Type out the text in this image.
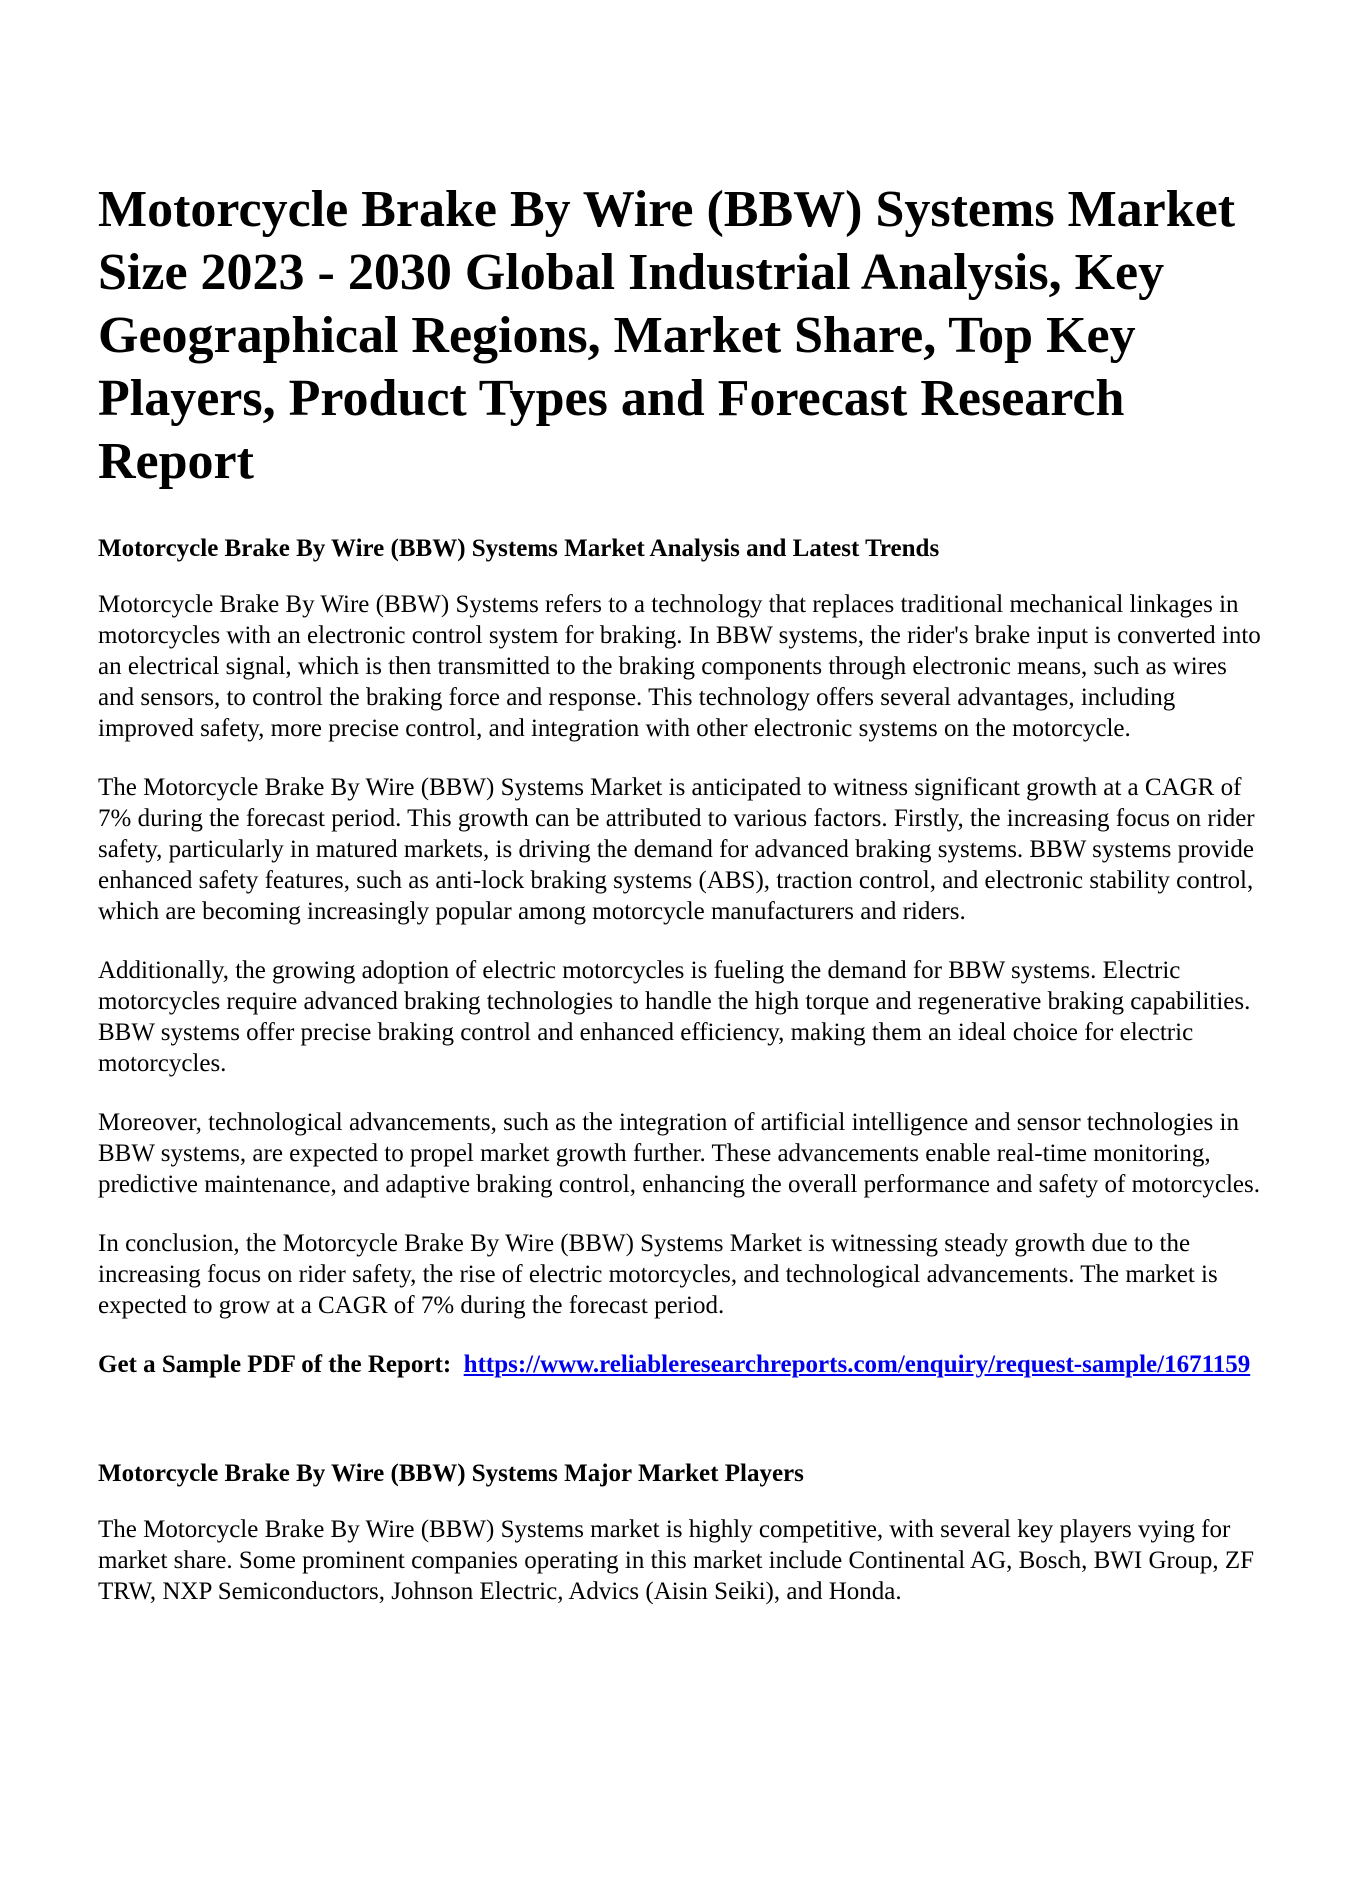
Motorcycle Brake By Wire (BBW) Systems Market Size 2023 - 2030 Global Industrial Analysis, Key Geographical Regions, Market Share, Top Key Players, Product Types and Forecast Research Report
Motorcycle Brake By Wire (BBW) Systems Market Analysis and Latest Trends

Motorcycle Brake By Wire (BBW) Systems refers to a technology that replaces traditional mechanical linkages in motorcycles with an electronic control system for braking. In BBW systems, the rider's brake input is converted into an electrical signal, which is then transmitted to the braking components through electronic means, such as wires and sensors, to control the braking force and response. This technology offers several advantages, including improved safety, more precise control, and integration with other electronic systems on the motorcycle.

The Motorcycle Brake By Wire (BBW) Systems Market is anticipated to witness significant growth at a CAGR of 7% during the forecast period. This growth can be attributed to various factors. Firstly, the increasing focus on rider safety, particularly in matured markets, is driving the demand for advanced braking systems. BBW systems provide enhanced safety features, such as anti-lock braking systems (ABS), traction control, and electronic stability control, which are becoming increasingly popular among motorcycle manufacturers and riders.

Additionally, the growing adoption of electric motorcycles is fueling the demand for BBW systems. Electric motorcycles require advanced braking technologies to handle the high torque and regenerative braking capabilities. BBW systems offer precise braking control and enhanced efficiency, making them an ideal choice for electric motorcycles.

Moreover, technological advancements, such as the integration of artificial intelligence and sensor technologies in BBW systems, are expected to propel market growth further. These advancements enable real-time monitoring, predictive maintenance, and adaptive braking control, enhancing the overall performance and safety of motorcycles.

In conclusion, the Motorcycle Brake By Wire (BBW) Systems Market is witnessing steady growth due to the increasing focus on rider safety, the rise of electric motorcycles, and technological advancements. The market is expected to grow at a CAGR of 7% during the forecast period.

Get a Sample PDF of the Report: https://www.reliableresearchreports.com/enquiry/request-sample/1671159

Motorcycle Brake By Wire (BBW) Systems Major Market Players

The Motorcycle Brake By Wire (BBW) Systems market is highly competitive, with several key players vying for market share. Some prominent companies operating in this market include Continental AG, Bosch, BWI Group, ZF TRW, NXP Semiconductors, Johnson Electric, Advics (Aisin Seiki), and Honda.
